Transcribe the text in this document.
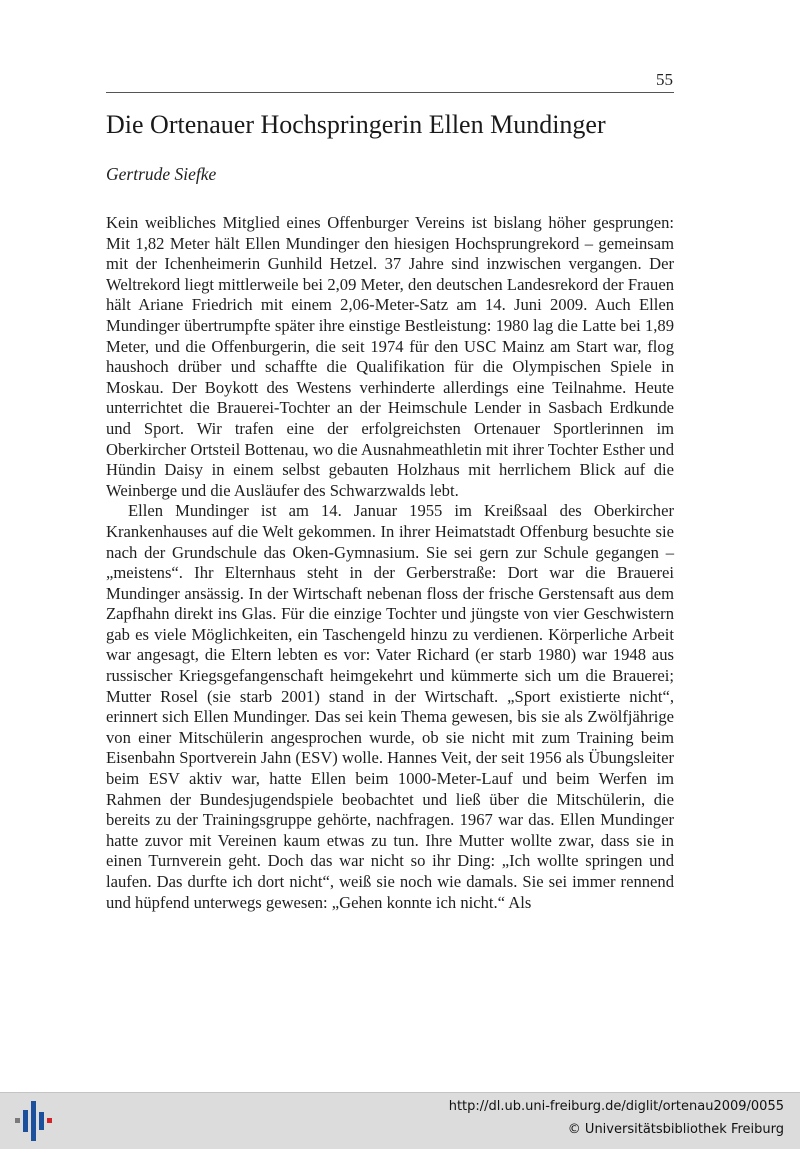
55
Die Ortenauer Hochspringerin Ellen Mundinger
Gertrude Siefke

Kein weibliches Mitglied eines Offenburger Vereins ist bislang höher gesprungen: Mit 1,82 Meter hält Ellen Mundinger den hiesigen Hochsprungrekord – gemeinsam mit der Ichenheimerin Gunhild Hetzel. 37 Jahre sind inzwischen vergangen. Der Weltrekord liegt mittlerweile bei 2,09 Meter, den deutschen Landesrekord der Frauen hält Ariane Friedrich mit einem 2,06-Meter-Satz am 14. Juni 2009. Auch Ellen Mundinger übertrumpfte später ihre einstige Bestleistung: 1980 lag die Latte bei 1,89 Meter, und die Offenburgerin, die seit 1974 für den USC Mainz am Start war, flog haushoch drüber und schaffte die Qualifikation für die Olympischen Spiele in Moskau. Der Boykott des Westens verhinderte allerdings eine Teilnahme. Heute unterrichtet die Brauerei-Tochter an der Heimschule Lender in Sasbach Erdkunde und Sport. Wir trafen eine der erfolgreichsten Ortenauer Sportlerinnen im Oberkircher Ortsteil Bottenau, wo die Ausnahmeathletin mit ihrer Tochter Esther und Hündin Daisy in einem selbst gebauten Holzhaus mit herrlichem Blick auf die Weinberge und die Ausläufer des Schwarzwalds lebt.

Ellen Mundinger ist am 14. Januar 1955 im Kreißsaal des Oberkircher Krankenhauses auf die Welt gekommen. In ihrer Heimatstadt Offenburg besuchte sie nach der Grundschule das Oken-Gymnasium. Sie sei gern zur Schule gegangen – „meistens“. Ihr Elternhaus steht in der Gerberstraße: Dort war die Brauerei Mundinger ansässig. In der Wirtschaft nebenan floss der frische Gerstensaft aus dem Zapfhahn direkt ins Glas. Für die einzige Tochter und jüngste von vier Geschwistern gab es viele Möglichkeiten, ein Taschengeld hinzu zu verdienen. Körperliche Arbeit war angesagt, die Eltern lebten es vor: Vater Richard (er starb 1980) war 1948 aus russischer Kriegsgefangenschaft heimgekehrt und kümmerte sich um die Brauerei; Mutter Rosel (sie starb 2001) stand in der Wirtschaft. „Sport existierte nicht“, erinnert sich Ellen Mundinger. Das sei kein Thema gewesen, bis sie als Zwölfjährige von einer Mitschülerin angesprochen wurde, ob sie nicht mit zum Training beim Eisenbahn Sportverein Jahn (ESV) wolle. Hannes Veit, der seit 1956 als Übungsleiter beim ESV aktiv war, hatte Ellen beim 1000-Meter-Lauf und beim Werfen im Rahmen der Bundesjugendspiele beobachtet und ließ über die Mitschülerin, die bereits zu der Trainingsgruppe gehörte, nachfragen. 1967 war das. Ellen Mundinger hatte zuvor mit Vereinen kaum etwas zu tun. Ihre Mutter wollte zwar, dass sie in einen Turnverein geht. Doch das war nicht so ihr Ding: „Ich wollte springen und laufen. Das durfte ich dort nicht“, weiß sie noch wie damals. Sie sei immer rennend und hüpfend unterwegs gewesen: „Gehen konnte ich nicht.“ Als

http://dl.ub.uni-freiburg.de/diglit/ortenau2009/0055
© Universitätsbibliothek Freiburg
